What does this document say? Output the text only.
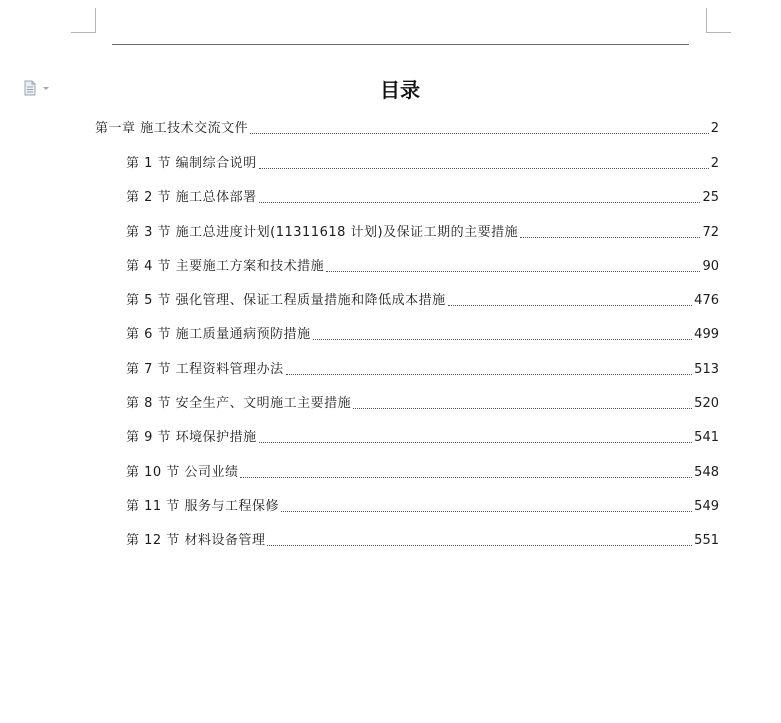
目录
第一章 施工技术交流文件	2
第 1 节 编制综合说明	2
第 2 节 施工总体部署	25
第 3 节 施工总进度计划(11311618 计划)及保证工期的主要措施	72
第 4 节 主要施工方案和技术措施	90
第 5 节 强化管理、保证工程质量措施和降低成本措施	476
第 6 节 施工质量通病预防措施	499
第 7 节 工程资料管理办法	513
第 8 节 安全生产、文明施工主要措施	520
第 9 节 环境保护措施	541
第 10 节 公司业绩	548
第 11 节 服务与工程保修	549
第 12 节 材料设备管理	551
